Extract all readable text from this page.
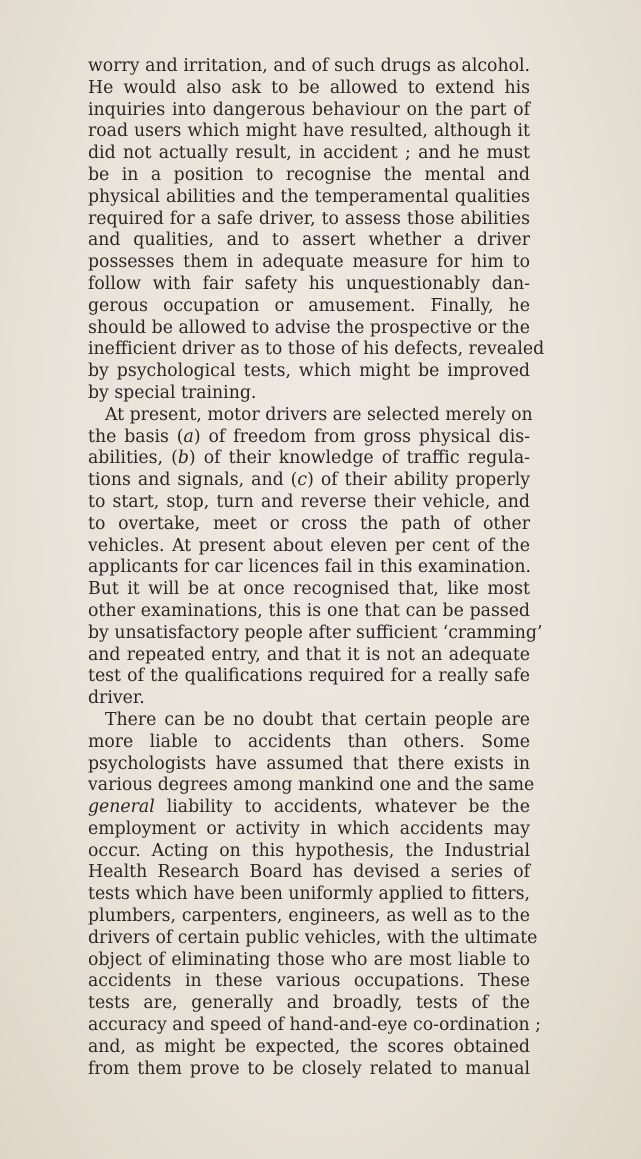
worry and irritation, and of such drugs as alcohol.
He would also ask to be allowed to extend his
inquiries into dangerous behaviour on the part of
road users which might have resulted, although it
did not actually result, in accident ; and he must
be in a position to recognise the mental and
physical abilities and the temperamental qualities
required for a safe driver, to assess those abilities
and qualities, and to assert whether a driver
possesses them in adequate measure for him to
follow with fair safety his unquestionably dan-
gerous occupation or amusement. Finally, he
should be allowed to advise the prospective or the
inefficient driver as to those of his defects, revealed
by psychological tests, which might be improved
by special training.
At present, motor drivers are selected merely on
the basis (a) of freedom from gross physical dis-
abilities, (b) of their knowledge of traffic regula-
tions and signals, and (c) of their ability properly
to start, stop, turn and reverse their vehicle, and
to overtake, meet or cross the path of other
vehicles. At present about eleven per cent of the
applicants for car licences fail in this examination.
But it will be at once recognised that, like most
other examinations, this is one that can be passed
by unsatisfactory people after sufficient ‘cramming’
and repeated entry, and that it is not an adequate
test of the qualifications required for a really safe
driver.
There can be no doubt that certain people are
more liable to accidents than others. Some
psychologists have assumed that there exists in
various degrees among mankind one and the same
general liability to accidents, whatever be the
employment or activity in which accidents may
occur. Acting on this hypothesis, the Industrial
Health Research Board has devised a series of
tests which have been uniformly applied to fitters,
plumbers, carpenters, engineers, as well as to the
drivers of certain public vehicles, with the ultimate
object of eliminating those who are most liable to
accidents in these various occupations. These
tests are, generally and broadly, tests of the
accuracy and speed of hand-and-eye co-ordination ;
and, as might be expected, the scores obtained
from them prove to be closely related to manual
